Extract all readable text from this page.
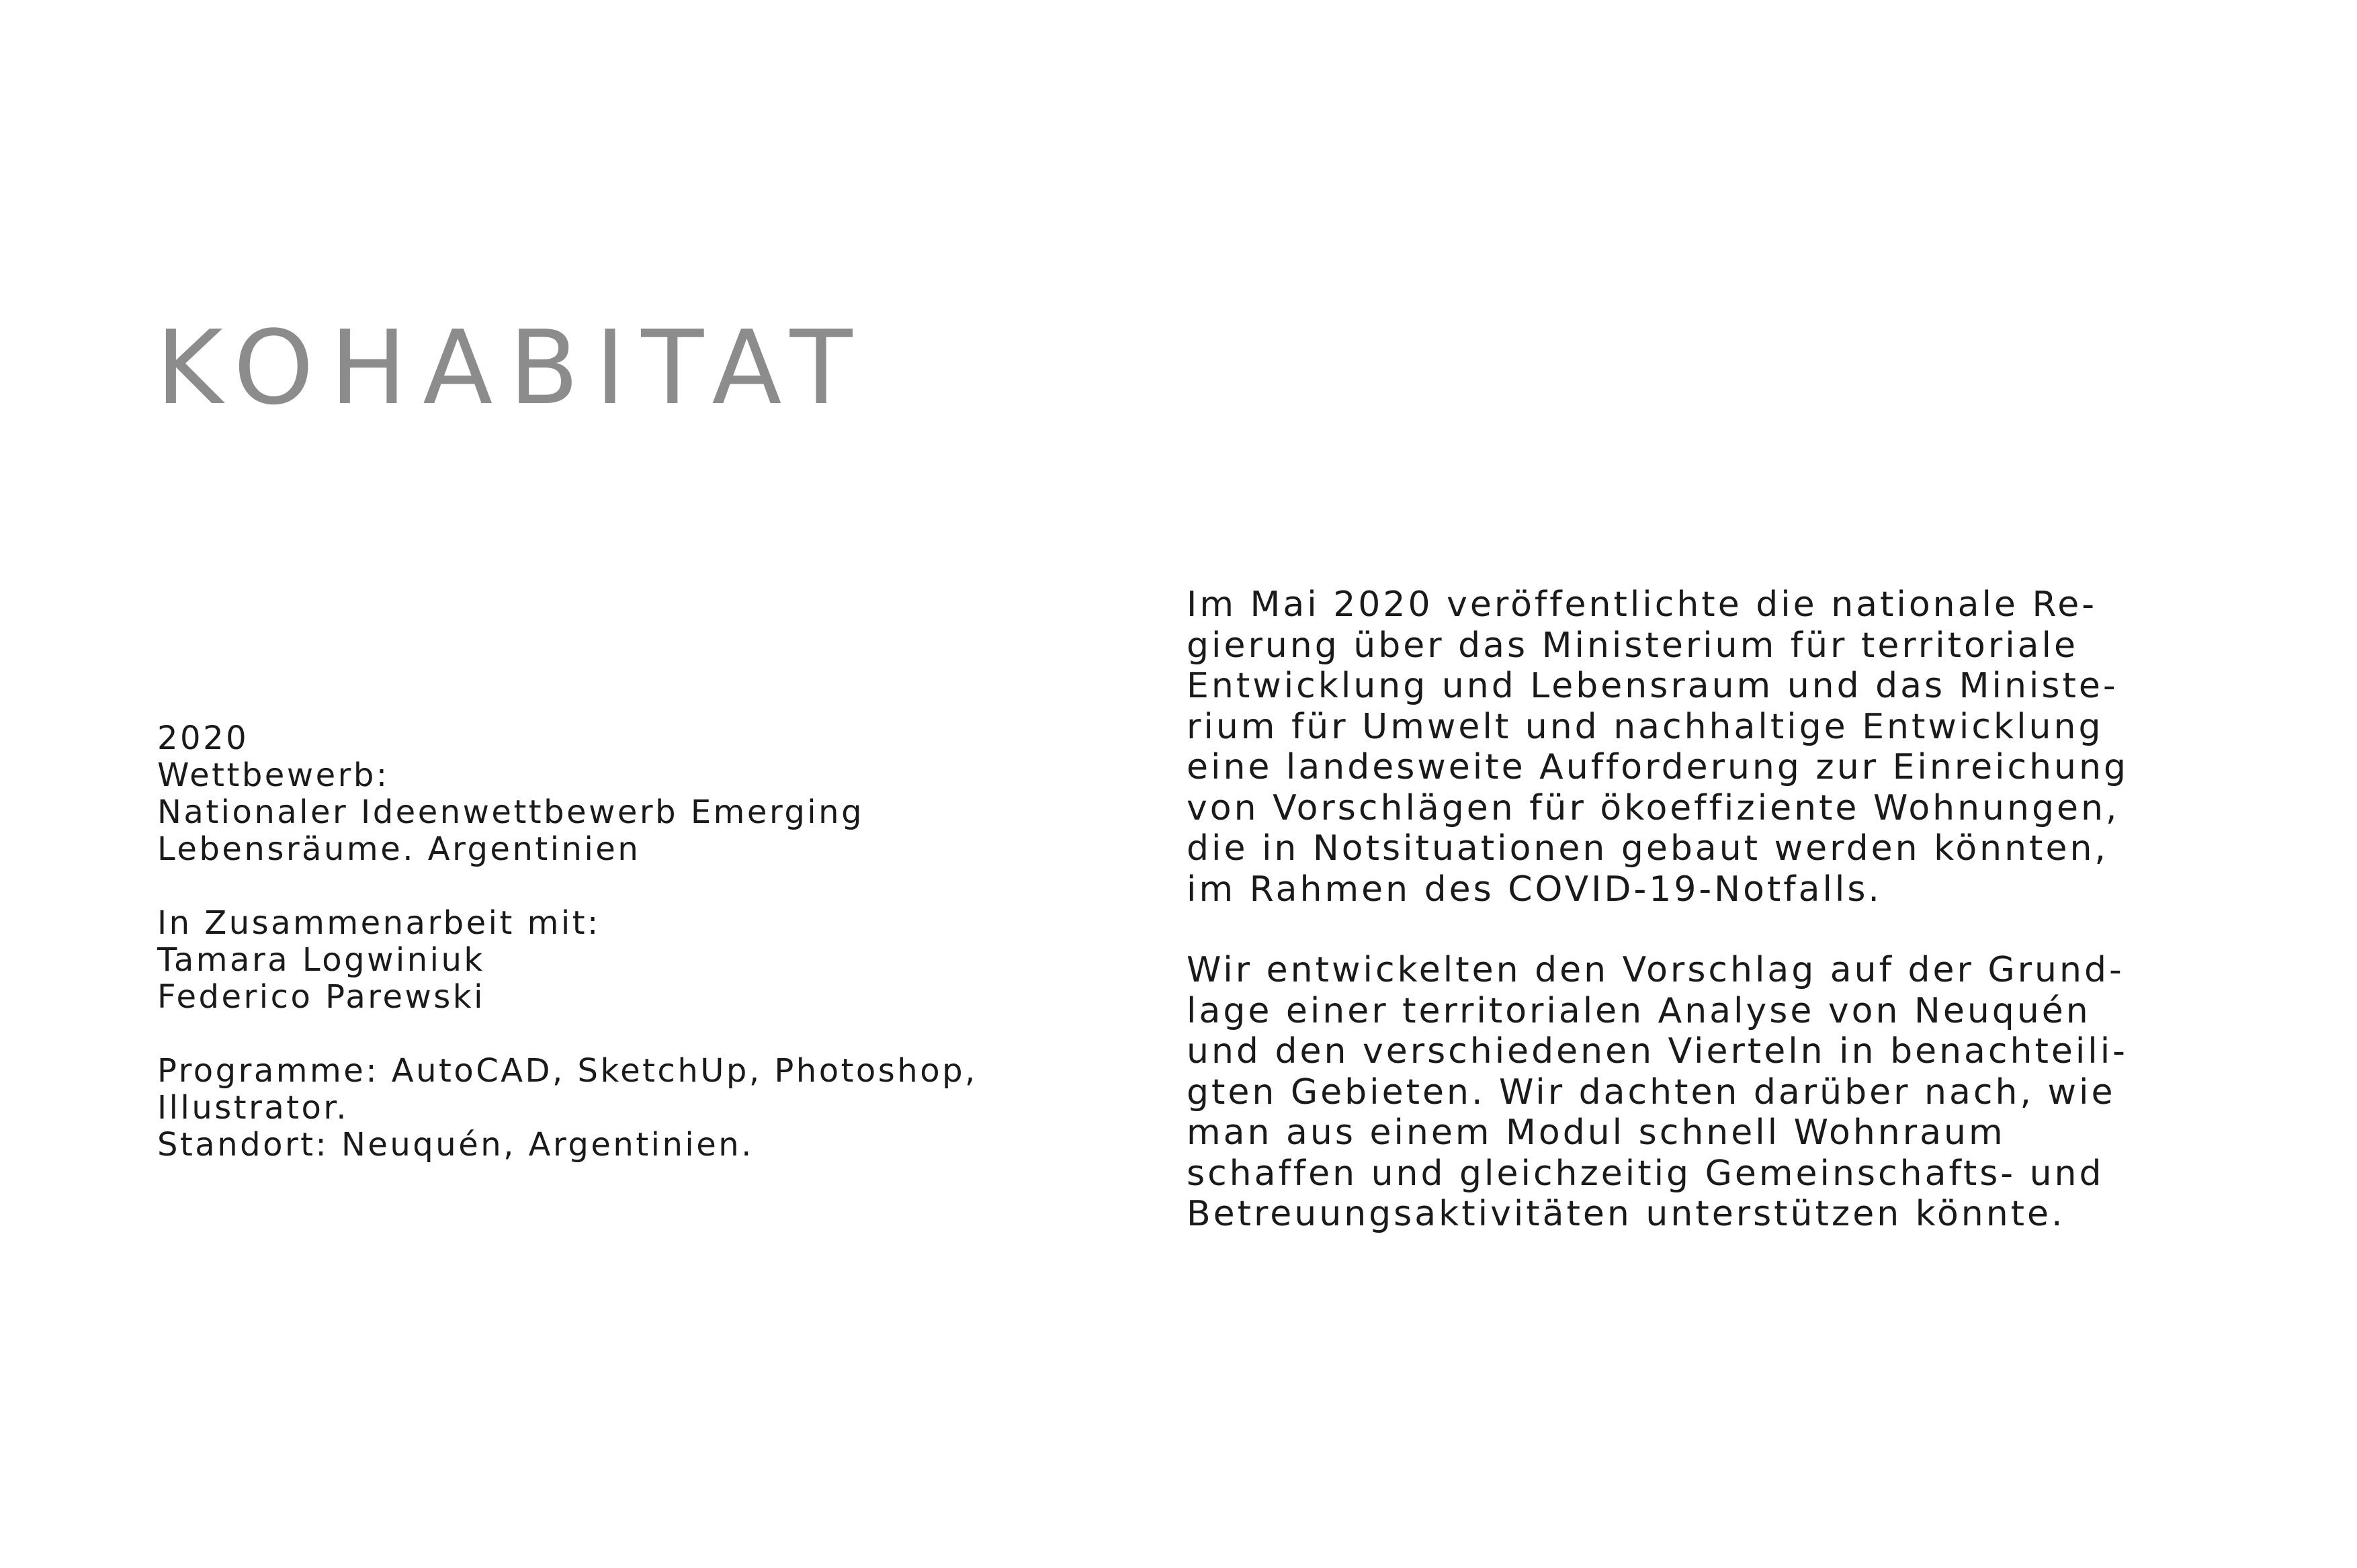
KOHABITAT
2020
Wettbewerb:
Nationaler Ideenwettbewerb Emerging
Lebensräume. Argentinien
In Zusammenarbeit mit:
Tamara Logwiniuk
Federico Parewski
Programme: AutoCAD, SketchUp, Photoshop,
Illustrator.
Standort: Neuquén, Argentinien.
Im Mai 2020 veröffentlichte die nationale Re-
gierung über das Ministerium für territoriale
Entwicklung und Lebensraum und das Ministe-
rium für Umwelt und nachhaltige Entwicklung
eine landesweite Aufforderung zur Einreichung
von Vorschlägen für ökoeffiziente Wohnungen,
die in Notsituationen gebaut werden könnten,
im Rahmen des COVID-19-Notfalls.
Wir entwickelten den Vorschlag auf der Grund-
lage einer territorialen Analyse von Neuquén
und den verschiedenen Vierteln in benachteili-
gten Gebieten. Wir dachten darüber nach, wie
man aus einem Modul schnell Wohnraum
schaffen und gleichzeitig Gemeinschafts- und
Betreuungsaktivitäten unterstützen könnte.
